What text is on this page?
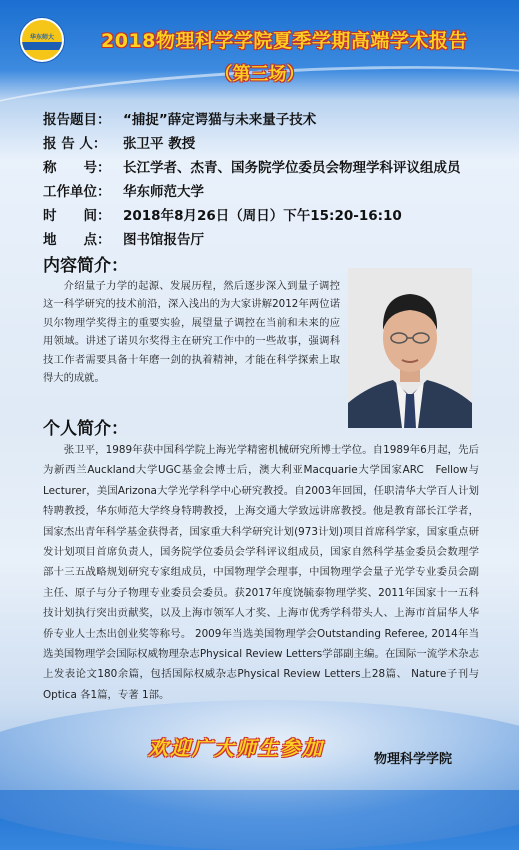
华东师大	2018物理科学学院夏季学期高端学术报告
（第三场）
报告题目： “捕捉”薛定谔猫与未来量子技术
报 告 人：	张卫平 教授
称　　号： 长江学者、杰青、国务院学位委员会物理学科评议组成员
工作单位： 华东师范大学
时　　间： 2018年8月26日（周日）下午15:20-16:10
地　　点： 图书馆报告厅
内容简介：
介绍量子力学的起源、发展历程，然后逐步深入到量子调控这一科学研究的技术前沿，深入浅出的为大家讲解2012年两位诺贝尔物理学奖得主的重要实验，展望量子调控在当前和未来的应用领域。讲述了诺贝尔奖得主在研究工作中的一些故事，强调科技工作者需要具备十年磨一剑的执着精神，才能在科学探索上取得大的成就。
个人简介：
张卫平，1989年获中国科学院上海光学精密机械研究所博士学位。自1989年6月起，先后为新西兰Auckland大学UGC基金会博士后，澳大利亚Macquarie大学国家ARC　Fellow与Lecturer，美国Arizona大学光学科学中心研究教授。自2003年回国，任职清华大学百人计划特聘教授，华东师范大学终身特聘教授，上海交通大学致远讲席教授。他是教育部长江学者，国家杰出青年科学基金获得者，国家重大科学研究计划(973计划)项目首席科学家，国家重点研发计划项目首席负责人，国务院学位委员会学科评议组成员，国家自然科学基金委员会数理学部十三五战略规划研究专家组成员，中国物理学会理事，中国物理学会量子光学专业委员会副主任、原子与分子物理专业委员会委员。获2017年度饶毓泰物理学奖、2011年国家十一五科技计划执行突出贡献奖，以及上海市领军人才奖、上海市优秀学科带头人、上海市首届华人华侨专业人士杰出创业奖等称号。 2009年当选美国物理学会Outstanding Referee, 2014年当选美国物理学会国际权威物理杂志Physical Review Letters学部副主编。在国际一流学术杂志上发表论文180余篇，包括国际权威杂志Physical Review Letters上28篇、 Nature子刊与Optica 各1篇，专著 1部。
欢迎广大师生参加	物理科学学院
